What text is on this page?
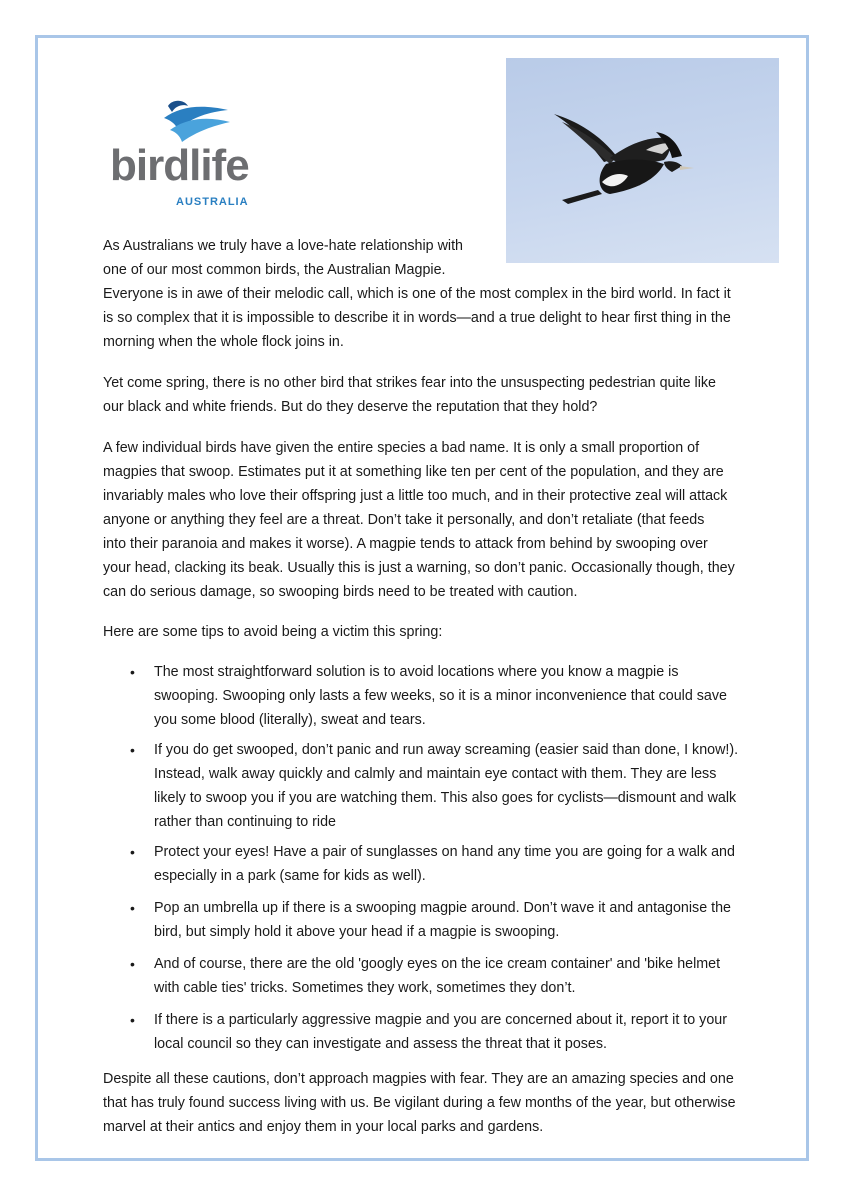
birdlife
AUSTRALIA
As Australians we truly have a love-hate relationship with
one of our most common birds, the Australian Magpie.
Everyone is in awe of their melodic call, which is one of the most complex in the bird world. In fact it
is so complex that it is impossible to describe it in words—and a true delight to hear first thing in the
morning when the whole flock joins in.
Yet come spring, there is no other bird that strikes fear into the unsuspecting pedestrian quite like
our black and white friends. But do they deserve the reputation that they hold?
A few individual birds have given the entire species a bad name. It is only a small proportion of
magpies that swoop. Estimates put it at something like ten per cent of the population, and they are
invariably males who love their offspring just a little too much, and in their protective zeal will attack
anyone or anything they feel are a threat. Don’t take it personally, and don’t retaliate (that feeds
into their paranoia and makes it worse). A magpie tends to attack from behind by swooping over
your head, clacking its beak. Usually this is just a warning, so don’t panic. Occasionally though, they
can do serious damage, so swooping birds need to be treated with caution.
Here are some tips to avoid being a victim this spring:
• The most straightforward solution is to avoid locations where you know a magpie is
swooping. Swooping only lasts a few weeks, so it is a minor inconvenience that could save
you some blood (literally), sweat and tears.
• If you do get swooped, don’t panic and run away screaming (easier said than done, I know!).
Instead, walk away quickly and calmly and maintain eye contact with them. They are less
likely to swoop you if you are watching them. This also goes for cyclists—dismount and walk
rather than continuing to ride
• Protect your eyes! Have a pair of sunglasses on hand any time you are going for a walk and
especially in a park (same for kids as well).
• Pop an umbrella up if there is a swooping magpie around. Don’t wave it and antagonise the
bird, but simply hold it above your head if a magpie is swooping.
• And of course, there are the old 'googly eyes on the ice cream container' and 'bike helmet
with cable ties' tricks. Sometimes they work, sometimes they don’t.
• If there is a particularly aggressive magpie and you are concerned about it, report it to your
local council so they can investigate and assess the threat that it poses.
Despite all these cautions, don’t approach magpies with fear. They are an amazing species and one
that has truly found success living with us. Be vigilant during a few months of the year, but otherwise
marvel at their antics and enjoy them in your local parks and gardens.
